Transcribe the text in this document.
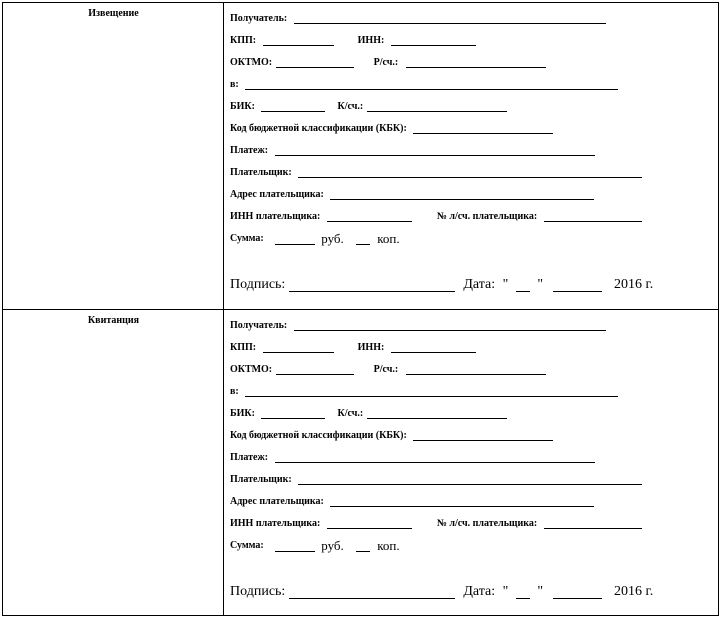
Извещение	Получатель:
КПП:	ИНН:
ОКТМО:	Р/сч.:
в:
БИК:	К/сч.:
Код бюджетной классификации (КБК):
Платеж:
Плательщик:
Адрес плательщика:
ИНН плательщика:	№ л/сч. плательщика:
Сумма:	руб.	коп.
Подпись:	Дата: " "	2016 г.
Квитанция	Получатель:
КПП:	ИНН:
ОКТМО:	Р/сч.:
в:
БИК:	К/сч.:
Код бюджетной классификации (КБК):
Платеж:
Плательщик:
Адрес плательщика:
ИНН плательщика:	№ л/сч. плательщика:
Сумма:	руб.	коп.
Подпись:	Дата: " "	2016 г.
